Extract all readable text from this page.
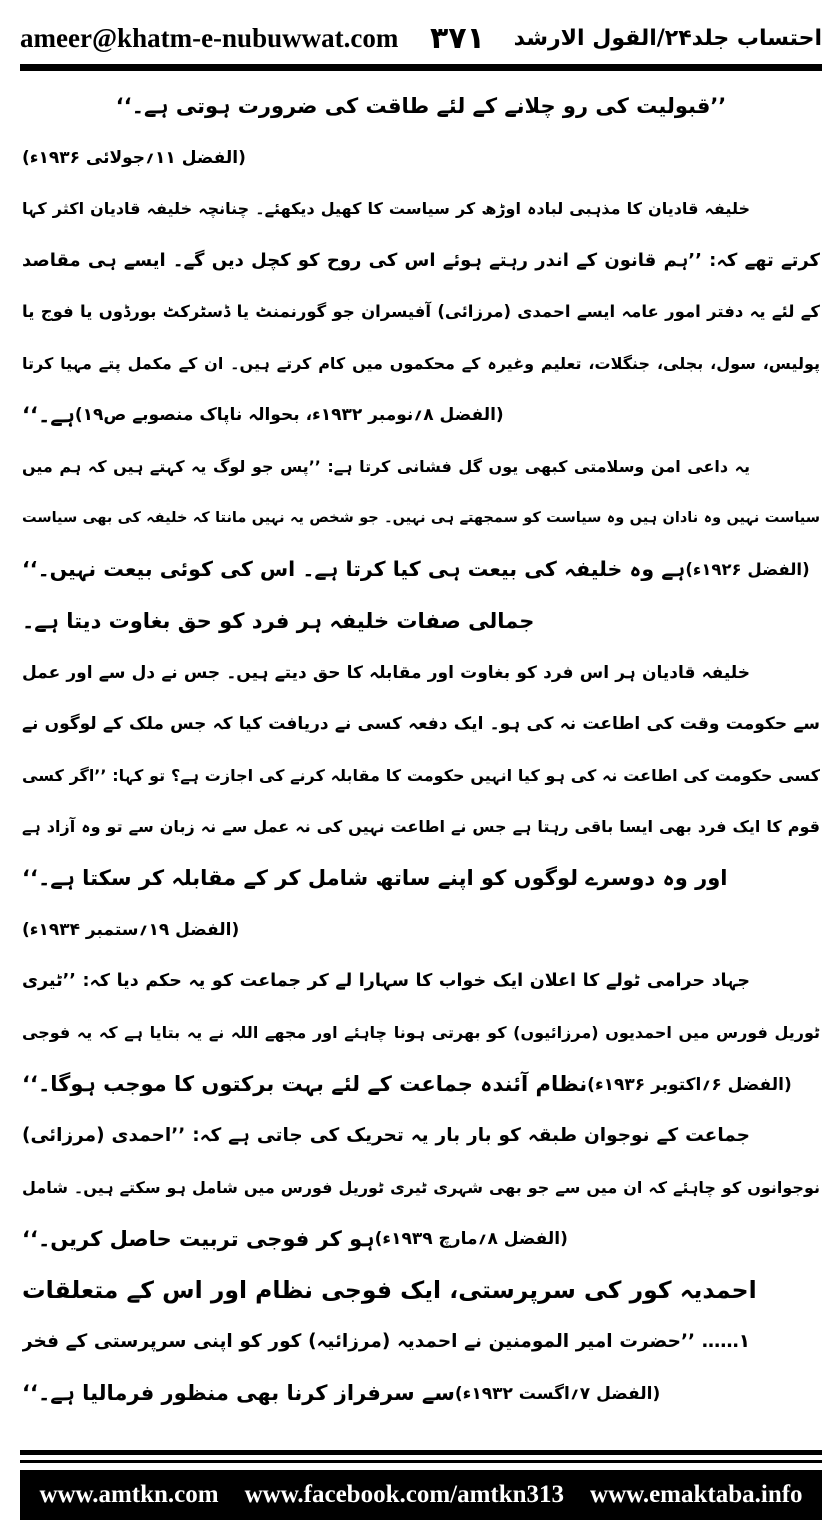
ameer@khatm-e-nubuwwat.com ۳۷۱ احتساب جلد۲۴/القول الارشد
’’قبولیت کی رو چلانے کے لئے طاقت کی ضرورت ہوتی ہے۔‘‘
(الفضل ۱۱؍جولائی ۱۹۳۶ء)
خلیفہ قادیان کا مذہبی لبادہ اوڑھ کر سیاست کا کھیل دیکھئے۔ چنانچہ خلیفہ قادیان اکثر کہا
کرتے تھے کہ: ’’ہم قانون کے اندر رہتے ہوئے اس کی روح کو کچل دیں گے۔ ایسے ہی مقاصد
کے لئے یہ دفتر امور عامہ ایسے احمدی (مرزائی) آفیسران جو گورنمنٹ یا ڈسٹرکٹ بورڈوں یا فوج یا
پولیس، سول، بجلی، جنگلات، تعلیم وغیرہ کے محکموں میں کام کرتے ہیں۔ ان کے مکمل پتے مہیا کرتا
ہے۔‘‘ (الفضل ۸؍نومبر ۱۹۳۲ء، بحوالہ ناپاک منصوبے ص۱۹)
یہ داعی امن وسلامتی کبھی یوں گل فشانی کرتا ہے: ’’پس جو لوگ یہ کہتے ہیں کہ ہم میں
سیاست نہیں وہ نادان ہیں وہ سیاست کو سمجھتے ہی نہیں۔ جو شخص یہ نہیں مانتا کہ خلیفہ کی بھی سیاست
ہے وہ خلیفہ کی بیعت ہی کیا کرتا ہے۔ اس کی کوئی بیعت نہیں۔‘‘ (الفضل ۱۹۲۶ء)
جمالی صفات خلیفہ ہر فرد کو حق بغاوت دیتا ہے۔
خلیفہ قادیان ہر اس فرد کو بغاوت اور مقابلہ کا حق دیتے ہیں۔ جس نے دل سے اور عمل
سے حکومت وقت کی اطاعت نہ کی ہو۔ ایک دفعہ کسی نے دریافت کیا کہ جس ملک کے لوگوں نے
کسی حکومت کی اطاعت نہ کی ہو کیا انہیں حکومت کا مقابلہ کرنے کی اجازت ہے؟ تو کہا: ’’اگر کسی
قوم کا ایک فرد بھی ایسا باقی رہتا ہے جس نے اطاعت نہیں کی نہ عمل سے نہ زبان سے تو وہ آزاد ہے
اور وہ دوسرے لوگوں کو اپنے ساتھ شامل کر کے مقابلہ کر سکتا ہے۔‘‘
(الفضل ۱۹؍ستمبر ۱۹۳۴ء)
جہاد حرامی ٹولے کا اعلان ایک خواب کا سہارا لے کر جماعت کو یہ حکم دیا کہ: ’’ٹیری
ٹوریل فورس میں احمدیوں (مرزائیوں) کو بھرتی ہونا چاہئے اور مجھے اللہ نے یہ بتایا ہے کہ یہ فوجی
نظام آئندہ جماعت کے لئے بہت برکتوں کا موجب ہوگا۔‘‘ (الفضل ۶؍اکتوبر ۱۹۳۶ء)
جماعت کے نوجوان طبقہ کو بار بار یہ تحریک کی جاتی ہے کہ: ’’احمدی (مرزائی)
نوجوانوں کو چاہئے کہ ان میں سے جو بھی شہری ٹیری ٹوریل فورس میں شامل ہو سکتے ہیں۔ شامل
ہو کر فوجی تربیت حاصل کریں۔‘‘ (الفضل ۸؍مارچ ۱۹۳۹ء)
احمدیہ کور کی سرپرستی، ایک فوجی نظام اور اس کے متعلقات
۱…… ’’حضرت امیر المومنین نے احمدیہ (مرزائیہ) کور کو اپنی سرپرستی کے فخر
سے سرفراز کرنا بھی منظور فرمالیا ہے۔‘‘ (الفضل ۷؍اگست ۱۹۳۲ء)
www.amtkn.com www.facebook.com/amtkn313 www.emaktaba.info
